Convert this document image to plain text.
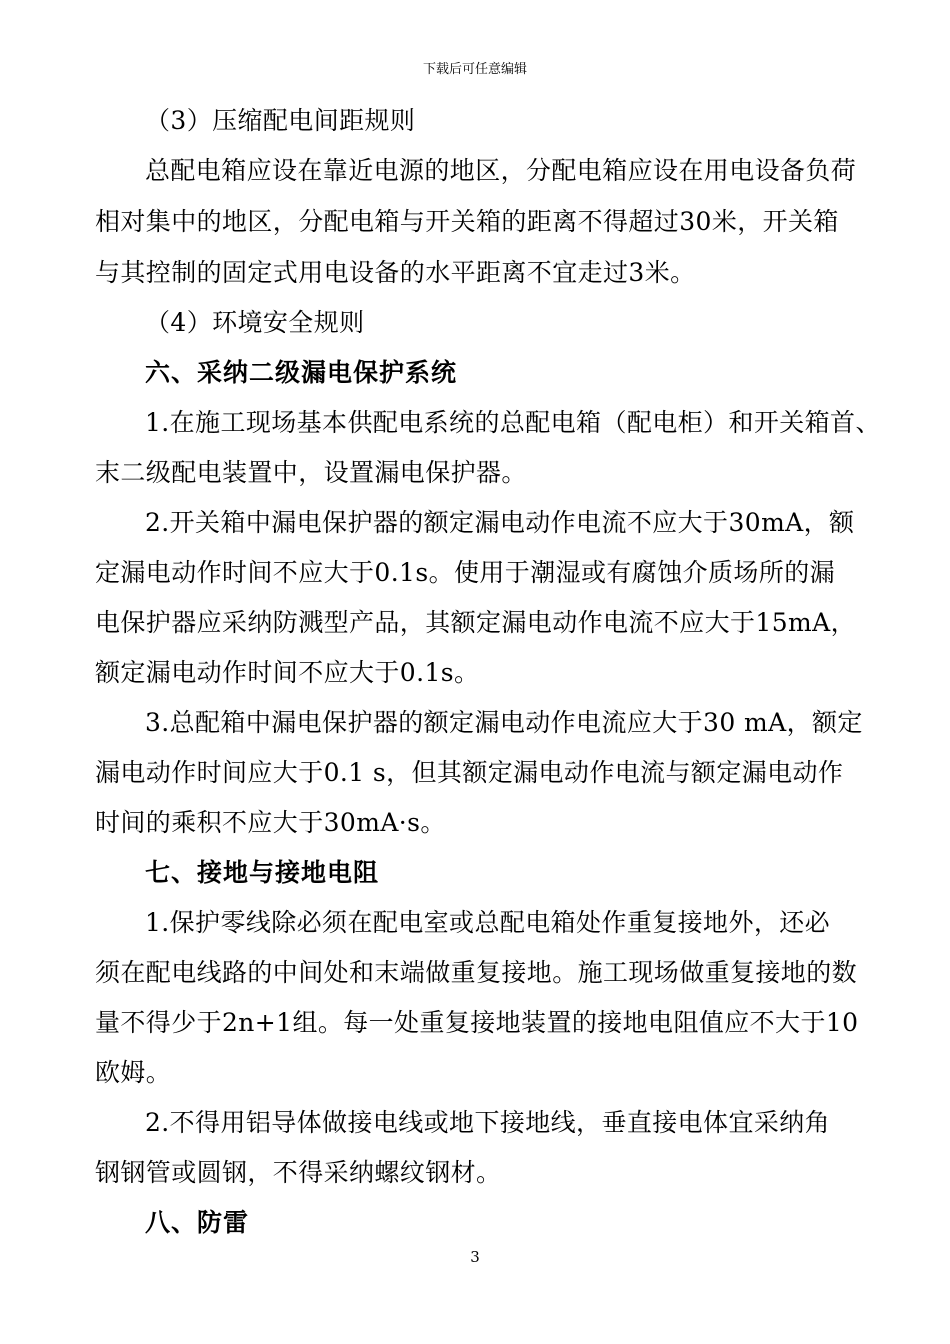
下载后可任意编辑
（3）压缩配电间距规则
总配电箱应设在靠近电源的地区，分配电箱应设在用电设备负荷
相对集中的地区，分配电箱与开关箱的距离不得超过30米，开关箱
与其控制的固定式用电设备的水平距离不宜走过3米。
（4）环境安全规则
六、采纳二级漏电保护系统
1.在施工现场基本供配电系统的总配电箱（配电柜）和开关箱首、
末二级配电装置中，设置漏电保护器。
2.开关箱中漏电保护器的额定漏电动作电流不应大于30mA，额
定漏电动作时间不应大于0.1s。使用于潮湿或有腐蚀介质场所的漏
电保护器应采纳防溅型产品，其额定漏电动作电流不应大于15mA，
额定漏电动作时间不应大于0.1s。
3.总配箱中漏电保护器的额定漏电动作电流应大于30 mA，额定
漏电动作时间应大于0.1 s，但其额定漏电动作电流与额定漏电动作
时间的乘积不应大于30mA·s。
七、接地与接地电阻
1.保护零线除必须在配电室或总配电箱处作重复接地外，还必
须在配电线路的中间处和末端做重复接地。施工现场做重复接地的数
量不得少于2n+1组。每一处重复接地装置的接地电阻值应不大于10
欧姆。
2.不得用铝导体做接电线或地下接地线，垂直接电体宜采纳角
钢钢管或圆钢，不得采纳螺纹钢材。
八、防雷
3
